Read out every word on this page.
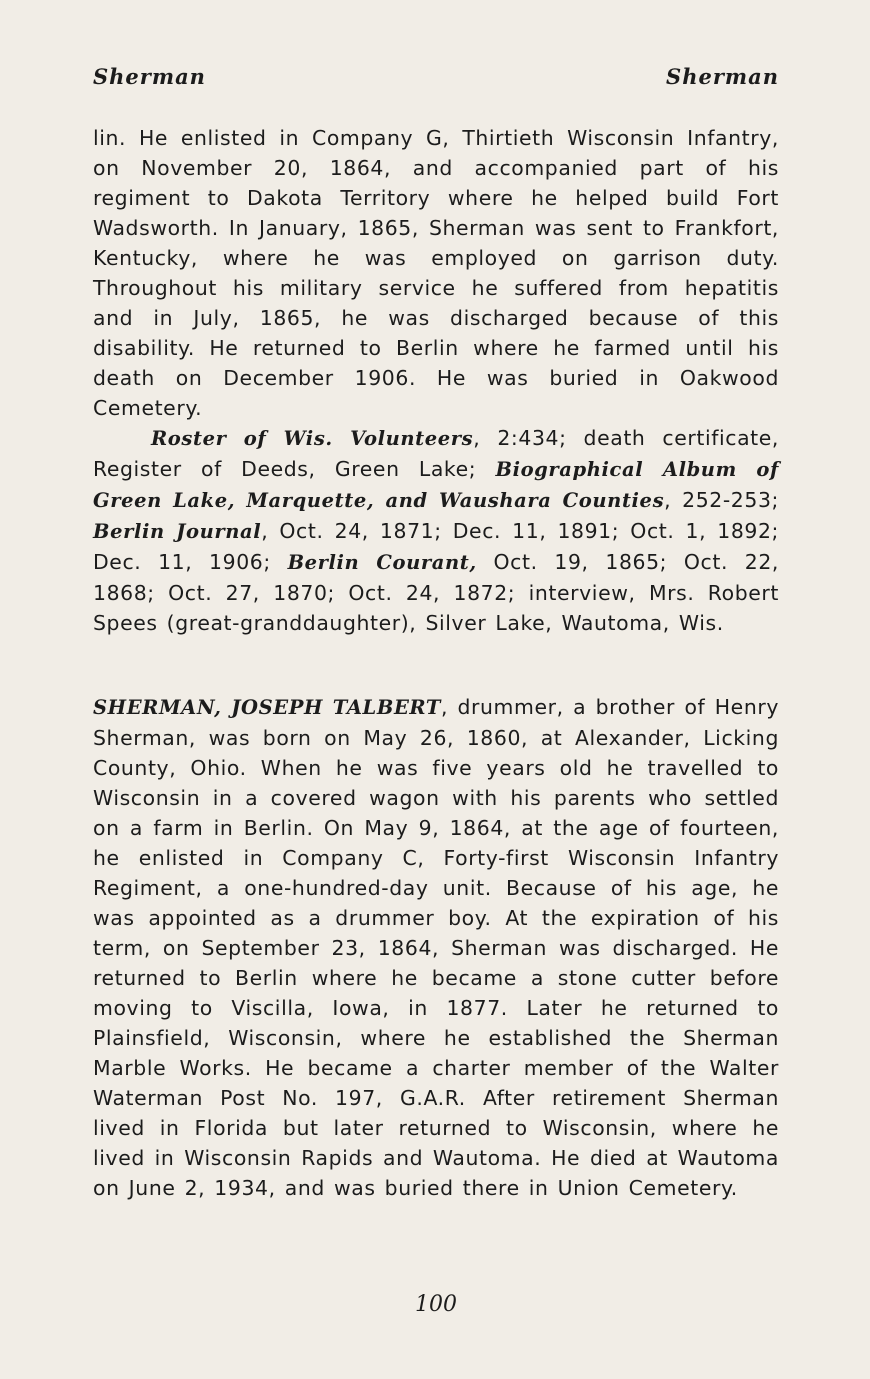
Sherman	Sherman

lin. He enlisted in Company G, Thirtieth Wisconsin Infantry, on November 20, 1864, and accompanied part of his regiment to Dakota Territory where he helped build Fort Wadsworth. In January, 1865, Sherman was sent to Frankfort, Kentucky, where he was employed on garrison duty. Throughout his military service he suffered from hepatitis and in July, 1865, he was discharged because of this disability. He returned to Berlin where he farmed until his death on December 1906. He was buried in Oakwood Cemetery.

Roster of Wis. Volunteers, 2:434; death certificate, Register of Deeds, Green Lake; Biographical Album of Green Lake, Marquette, and Waushara Counties, 252-253; Berlin Journal, Oct. 24, 1871; Dec. 11, 1891; Oct. 1, 1892; Dec. 11, 1906; Berlin Courant, Oct. 19, 1865; Oct. 22, 1868; Oct. 27, 1870; Oct. 24, 1872; interview, Mrs. Robert Spees (great-granddaughter), Silver Lake, Wautoma, Wis.

SHERMAN, JOSEPH TALBERT, drummer, a brother of Henry Sherman, was born on May 26, 1860, at Alexander, Licking County, Ohio. When he was five years old he travelled to Wisconsin in a covered wagon with his parents who settled on a farm in Berlin. On May 9, 1864, at the age of fourteen, he enlisted in Company C, Forty-first Wisconsin Infantry Regiment, a one-hundred-day unit. Because of his age, he was appointed as a drummer boy. At the expiration of his term, on September 23, 1864, Sherman was discharged. He returned to Berlin where he became a stone cutter before moving to Viscilla, Iowa, in 1877. Later he returned to Plainsfield, Wisconsin, where he established the Sherman Marble Works. He became a charter member of the Walter Waterman Post No. 197, G.A.R. After retirement Sherman lived in Florida but later returned to Wisconsin, where he lived in Wisconsin Rapids and Wautoma. He died at Wautoma on June 2, 1934, and was buried there in Union Cemetery.

100
